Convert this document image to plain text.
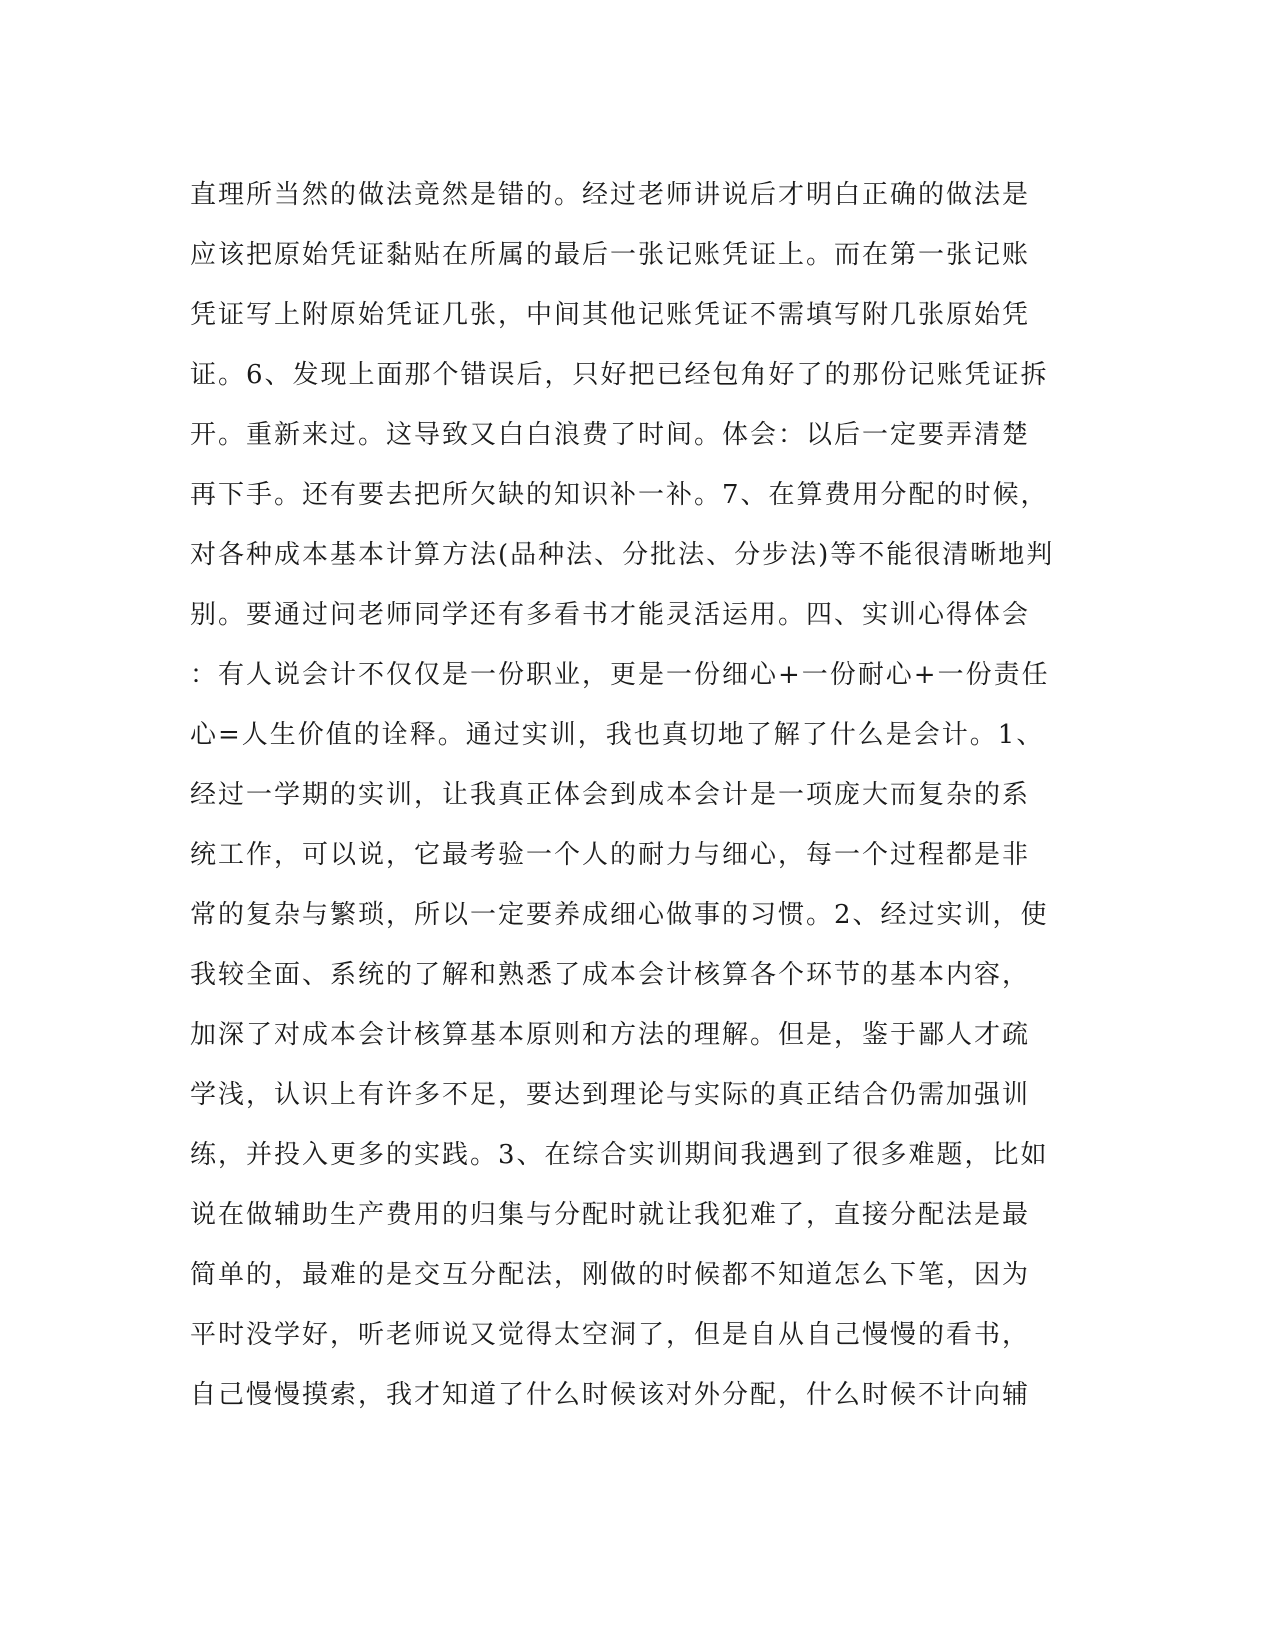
直理所当然的做法竟然是错的。经过老师讲说后才明白正确的做法是
应该把原始凭证黏贴在所属的最后一张记账凭证上。而在第一张记账
凭证写上附原始凭证几张，中间其他记账凭证不需填写附几张原始凭
证。6、发现上面那个错误后，只好把已经包角好了的那份记账凭证拆
开。重新来过。这导致又白白浪费了时间。体会：以后一定要弄清楚
再下手。还有要去把所欠缺的知识补一补。7、在算费用分配的时候，
对各种成本基本计算方法(品种法、分批法、分步法)等不能很清晰地判
别。要通过问老师同学还有多看书才能灵活运用。四、实训心得体会
：有人说会计不仅仅是一份职业，更是一份细心+一份耐心+一份责任
心=人生价值的诠释。通过实训，我也真切地了解了什么是会计。1、
经过一学期的实训，让我真正体会到成本会计是一项庞大而复杂的系
统工作，可以说，它最考验一个人的耐力与细心，每一个过程都是非
常的复杂与繁琐，所以一定要养成细心做事的习惯。2、经过实训，使
我较全面、系统的了解和熟悉了成本会计核算各个环节的基本内容，
加深了对成本会计核算基本原则和方法的理解。但是，鉴于鄙人才疏
学浅，认识上有许多不足，要达到理论与实际的真正结合仍需加强训
练，并投入更多的实践。3、在综合实训期间我遇到了很多难题，比如
说在做辅助生产费用的归集与分配时就让我犯难了，直接分配法是最
简单的，最难的是交互分配法，刚做的时候都不知道怎么下笔，因为
平时没学好，听老师说又觉得太空洞了，但是自从自己慢慢的看书，
自己慢慢摸索，我才知道了什么时候该对外分配，什么时候不计向辅
